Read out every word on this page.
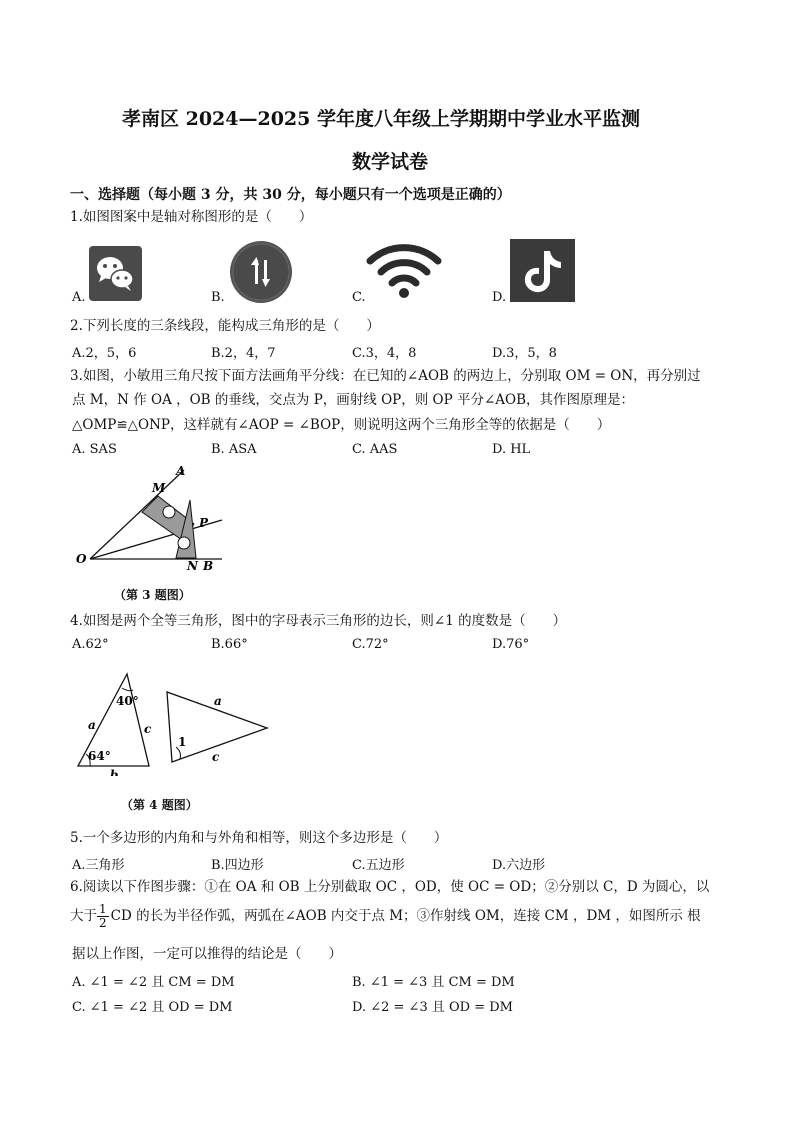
孝南区 2024—2025 学年度八年级上学期期中学业水平监测
数学试卷
一、选择题（每小题 3 分，共 30 分，每小题只有一个选项是正确的）
1.如图图案中是轴对称图形的是（　　）
A.	B.	C.	D.
2.下列长度的三条线段，能构成三角形的是（　　）
A.2，5，6	B.2，4，7	C.3，4，8	D.3，5，8
3.如图，小敏用三角尺按下面方法画角平分线：在已知的∠AOB 的两边上，分别取 OM = ON，再分别过
点 M，N 作 OA ，OB 的垂线，交点为 P，画射线 OP，则 OP 平分∠AOB，其作图原理是：
△OMP≌△ONP，这样就有∠AOP = ∠BOP，则说明这两个三角形全等的依据是（　　）
A. SAS	B. ASA	C. AAS	D. HL
A
M
P
O	N B
（第 3 题图）
4.如图是两个全等三角形，图中的字母表示三角形的边长，则∠1 的度数是（　　）
A.62°	B.66°	C.72°	D.76°
40°
64°
a	c
b
1
a
c
（第 4 题图）
5.一个多边形的内角和与外角和相等，则这个多边形是（　　）
A.三角形	B.四边形	C.五边形	D.六边形
6.阅读以下作图步骤：①在 OA 和 OB 上分别截取 OC ，OD，使 OC = OD；②分别以 C，D 为圆心，以
大于 $\frac{1}{2}$ CD 的长为半径作弧，两弧在∠AOB 内交于点 M；③作射线 OM，连接 CM ，DM ，如图所示 根
据以上作图，一定可以推得的结论是（　　）
A. ∠1 = ∠2 且 CM = DM	B. ∠1 = ∠3 且 CM = DM
C. ∠1 = ∠2 且 OD = DM	D. ∠2 = ∠3 且 OD = DM
